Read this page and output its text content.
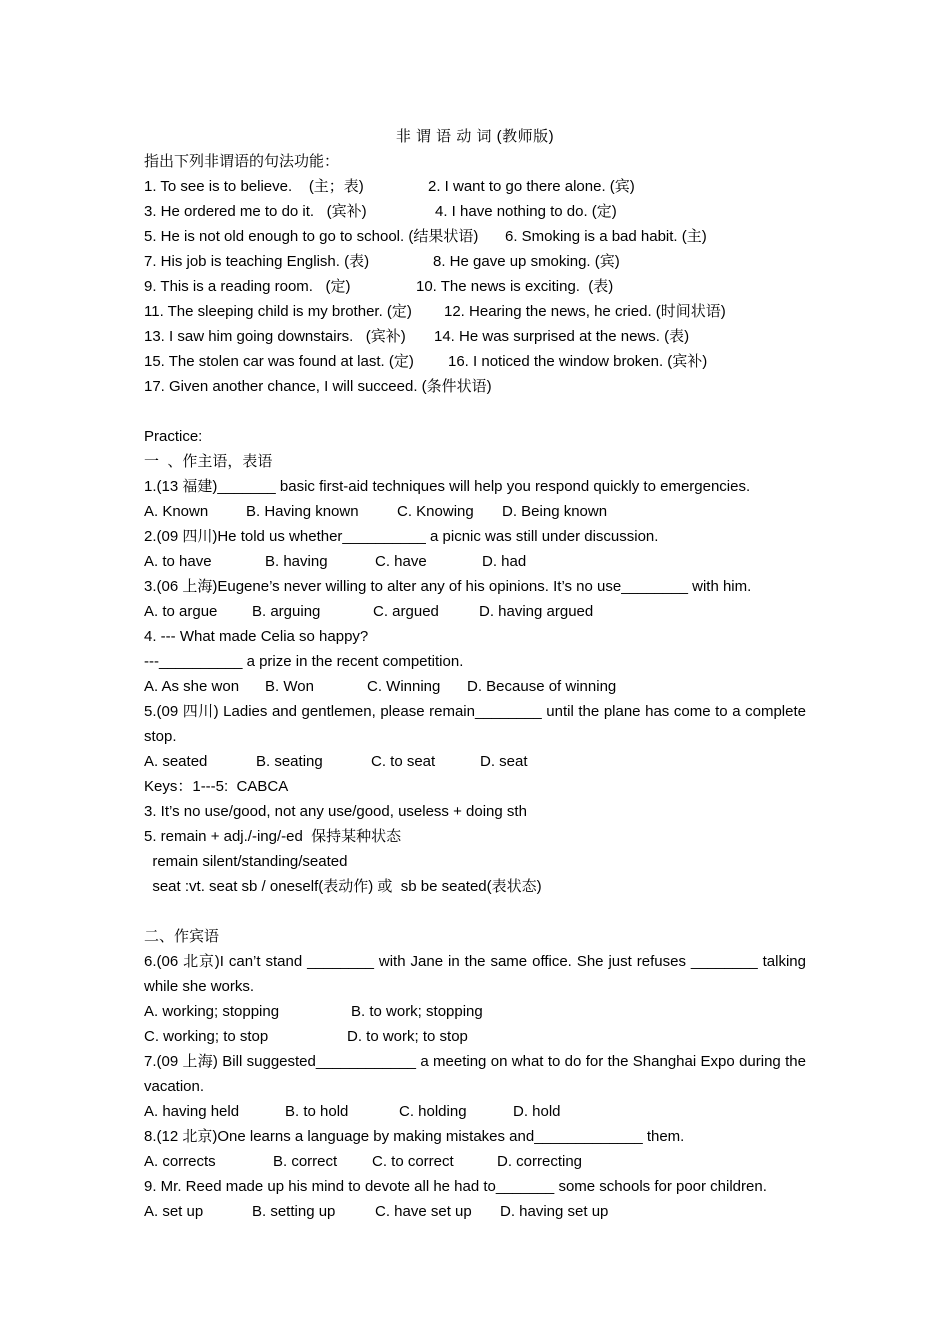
非 谓 语 动 词 (教师版)
指出下列非谓语的句法功能：
1. To see is to believe.    (主；表)	2. I want to go there alone. (宾)
3. He ordered me to do it.   (宾补)	4. I have nothing to do. (定)
5. He is not old enough to go to school. (结果状语) 6. Smoking is a bad habit. (主)
7. His job is teaching English. (表)	8. He gave up smoking. (宾)
9. This is a reading room.   (定)	10. The news is exciting.  (表)
11. The sleeping child is my brother. (定) 12. Hearing the news, he cried. (时间状语)
13. I saw him going downstairs.   (宾补) 14. He was surprised at the news. (表)
15. The stolen car was found at last. (定) 16. I noticed the window broken. (宾补)
17. Given another chance, I will succeed. (条件状语)
Practice:
一  、作主语，表语
1.(13 福建)_______ basic first-aid techniques will help you respond quickly to emergencies.
A. Known	B. Having known	C. Knowing D. Being known
2.(09 四川)He told us whether__________ a picnic was still under discussion.
A. to have	B. having	C. have	D. had
3.(06 上海)Eugene’s never willing to alter any of his opinions. It’s no use________ with him.
A. to argue B. arguing	C. argued	D. having argued
4. --- What made Celia so happy?
---__________ a prize in the recent competition.
A. As she won B. Won	C. Winning D. Because of winning
5.(09 四川) Ladies and gentlemen, please remain________ until the plane has come to a complete stop.
A. seated	B. seating	C. to seat	D. seat
Keys：1---5:  CABCA
3. It’s no use/good, not any use/good, useless + doing sth
5. remain + adj./-ing/-ed  保持某种状态
remain silent/standing/seated
seat :vt. seat sb / oneself(表动作) 或  sb be seated(表状态)
二、作宾语
6.(06 北京)I can’t stand ________ with Jane in the same office. She just refuses ________ talking while she works.
A. working; stopping	B. to work; stopping
C. working; to stop	D. to work; to stop
7.(09 上海) Bill suggested____________ a meeting on what to do for the Shanghai Expo during the vacation.
A. having held	B. to hold	C. holding	D. hold
8.(12 北京)One learns a language by making mistakes and_____________ them.
A. corrects	B. correct C. to correct	D. correcting
9. Mr. Reed made up his mind to devote all he had to_______ some schools for poor children.
A. set up	B. setting up	C. have set up D. having set up
